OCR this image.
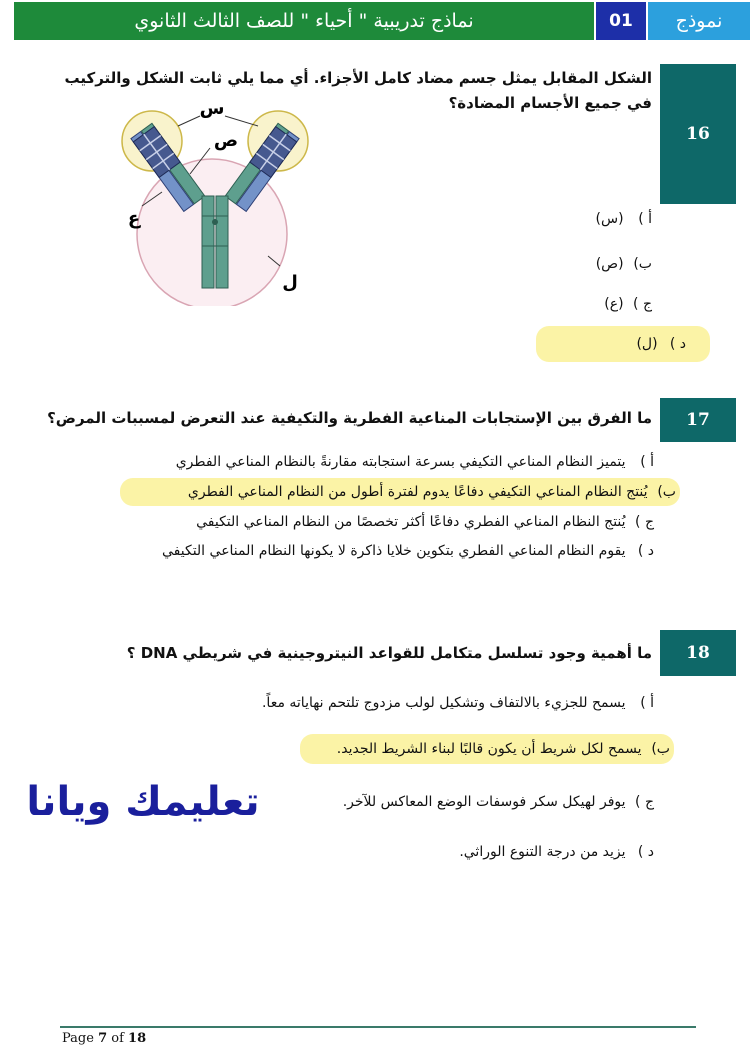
نماذج تدريبية " أحياء " للصف الثالث الثانوي	01	نموذج
16
الشكل المقابل يمثل جسم مضاد كامل الأجزاء. أي مما يلي ثابت الشكل والتركيب في جميع الأجسام المضادة؟
س
ص
ع
ل
أ ) (س)
ب) (ص)
ج ) (ع)
د ) (ل)
17
ما الفرق بين الإستجابات المناعية الفطرية والتكيفية عند التعرض لمسببات المرض؟
أ ) يتميز النظام المناعي التكيفي بسرعة استجابته مقارنةً بالنظام المناعي الفطري
ب) يُنتج النظام المناعي التكيفي دفاعًا يدوم لفترة أطول من النظام المناعي الفطري
ج ) يُنتج النظام المناعي الفطري دفاعًا أكثر تخصصًا من النظام المناعي التكيفي
د ) يقوم النظام المناعي الفطري بتكوين خلايا ذاكرة لا يكونها النظام المناعي التكيفي
18
ما أهمية وجود تسلسل متكامل للقواعد النيتروجينية في شريطي DNA ؟
أ ) يسمح للجزيء بالالتفاف وتشكيل لولب مزدوج تلتحم نهاياته معاً.
ب) يسمح لكل شريط أن يكون قالبًا لبناء الشريط الجديد.
ج ) يوفر لهيكل سكر فوسفات الوضع المعاكس للآخر.
د ) يزيد من درجة التنوع الوراثي.
تعليمك ويانا
Page 7 of 18
